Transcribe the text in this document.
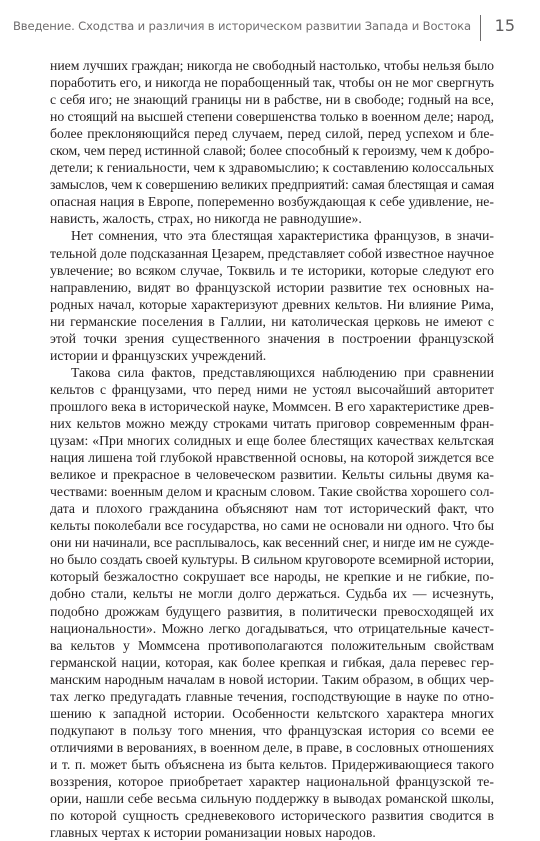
Введение. Сходства и различия в историческом развитии Запада и Востока 15
нием лучших граждан; никогда не свободный настолько, чтобы нельзя было
поработить его, и никогда не порабощенный так, чтобы он не мог свергнуть
с себя иго; не знающий границы ни в рабстве, ни в свободе; годный на все,
но стоящий на высшей степени совершенства только в военном деле; народ,
более преклоняющийся перед случаем, перед силой, перед успехом и бле-
ском, чем перед истинной славой; более способный к героизму, чем к добро-
детели; к гениальности, чем к здравомыслию; к составлению колоссальных
замыслов, чем к совершению великих предприятий: самая блестящая и самая
опасная нация в Европе, попеременно возбуждающая к себе удивление, не-
нависть, жалость, страх, но никогда не равнодушие».
Нет сомнения, что эта блестящая характеристика французов, в значи-
тельной доле подсказанная Цезарем, представляет собой известное научное
увлечение; во всяком случае, Токвиль и те историки, которые следуют его
направлению, видят во французской истории развитие тех основных на-
родных начал, которые характеризуют древних кельтов. Ни влияние Рима,
ни германские поселения в Галлии, ни католическая церковь не имеют с
этой точки зрения существенного значения в построении французской
истории и французских учреждений.
Такова сила фактов, представляющихся наблюдению при сравнении
кельтов с французами, что перед ними не устоял высочайший авторитет
прошлого века в исторической науке, Моммсен. В его характеристике древ-
них кельтов можно между строками читать приговор современным фран-
цузам: «При многих солидных и еще более блестящих качествах кельтская
нация лишена той глубокой нравственной основы, на которой зиждется все
великое и прекрасное в человеческом развитии. Кельты сильны двумя ка-
чествами: военным делом и красным словом. Такие свойства хорошего сол-
дата и плохого гражданина объясняют нам тот исторический факт, что
кельты поколебали все государства, но сами не основали ни одного. Что бы
они ни начинали, все расплывалось, как весенний снег, и нигде им не суждe-
но было создать своей культуры. В сильном круговороте всемирной истории,
который безжалостно сокрушает все народы, не крепкие и не гибкие, по-
добно стали, кельты не могли долго держаться. Судьба их — исчезнуть,
подобно дрожжам будущего развития, в политически превосходящей их
национальности». Можно легко догадываться, что отрицательные качест-
ва кельтов у Моммсена противополагаются положительным свойствам
германской нации, которая, как более крепкая и гибкая, дала перевес гер-
манским народным началам в новой истории. Таким образом, в общих чер-
тах легко предугадать главные течения, господствующие в науке по отно-
шению к западной истории. Особенности кельтского характера многих
подкупают в пользу того мнения, что французская история со всеми ее
отличиями в верованиях, в военном деле, в праве, в сословных отношениях
и т. п. может быть объяснена из быта кельтов. Придерживающиеся такого
воззрения, которое приобретает характер национальной французской те-
ории, нашли себе весьма сильную поддержку в выводах романской школы,
по которой сущность средневекового исторического развития сводится в
главных чертах к истории романизации новых народов.
